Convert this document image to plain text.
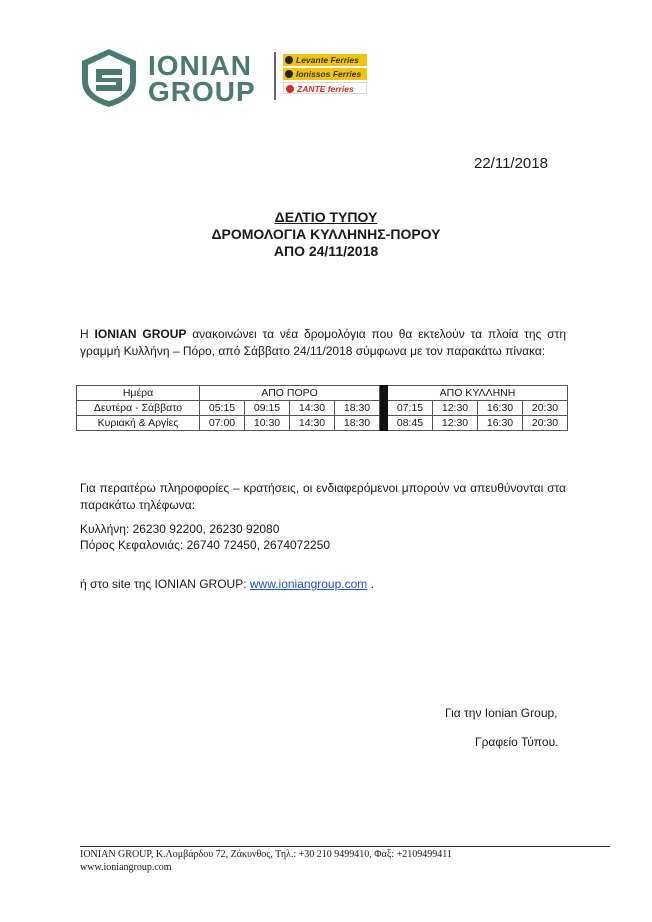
IONIAN
GROUP
Levante Ferries
Ionissos Ferries
ZANTE ferries
22/11/2018
ΔΕΛΤΙΟ ΤΥΠΟΥ
ΔΡΟΜΟΛΟΓΙΑ ΚΥΛΛΗΝΗΣ-ΠΟΡΟΥ
ΑΠΟ 24/11/2018
Η IONIAN GROUP ανακοινώνει τα νέα δρομολόγια που θα εκτελούν τα πλοία της στη γραμμή Κυλλήνη – Πόρο, από Σάββατο 24/11/2018 σύμφωνα με τον παρακάτω πίνακα:
Ημέρα	ΑΠΟ ΠΟΡΟ					ΑΠΟ ΚΥΛΛΗΝΗ			
Δευτέρα - Σάββατο	05:15	09:15	14:30	18:30		07:15	12:30	16:30	20:30
Κυριακή & Αργίες	07:00	10:30	14:30	18:30		08:45	12:30	16:30	20:30
Για περαιτέρω πληροφορίες – κρατήσεις, οι ενδιαφερόμενοι μπορούν να απευθύνονται στα παρακάτω τηλέφωνα:
Κυλλήνη: 26230 92200, 26230 92080
Πόρος Κεφαλονιάς: 26740 72450, 2674072250
ή στο site της IONIAN GROUP: www.ioniangroup.com .
Για την Ionian Group,
Γραφείο Τύπου.
IONIAN GROUP, Κ.Λομβάρδου 72, Ζάκυνθος, Τηλ.: +30 210 9499410, Φαξ: +2109499411
www.ioniangroup.com
